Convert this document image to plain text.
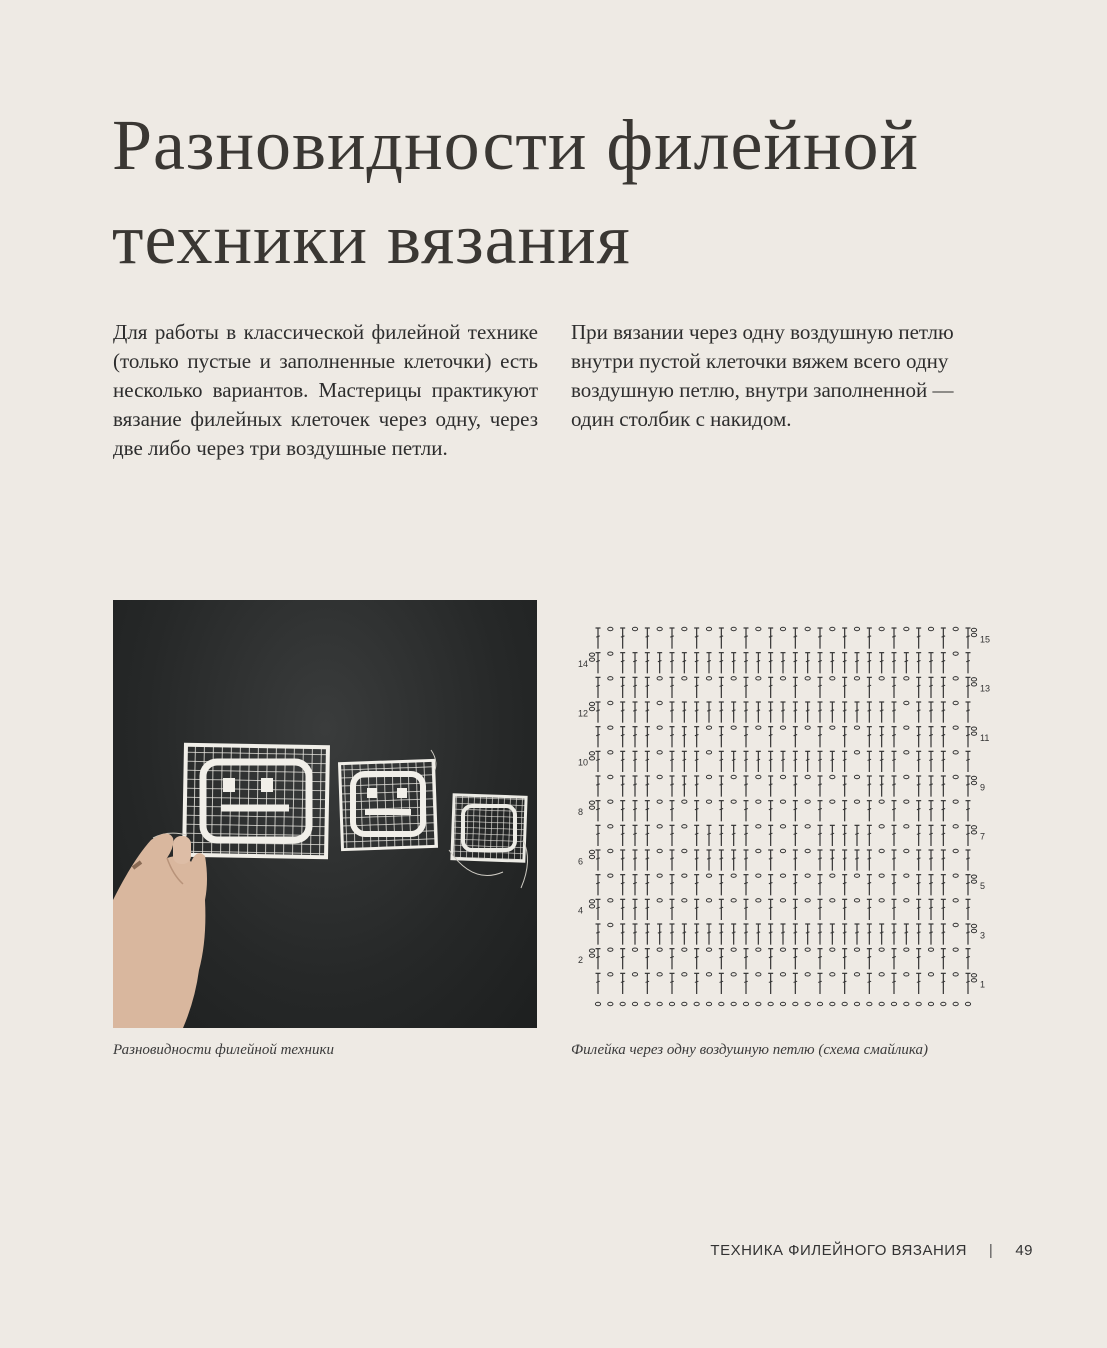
Разновидности филейной
техники вязания
Для работы в классической филейной технике (только пустые и заполненные клеточки) есть несколько вариантов. Мастерицы практикуют вязание филейных клеточек через одну, через две либо через три воздушные петли.
При вязании через одну воздушную петлю внутри пустой клеточки вяжем всего одну воздушную петлю, внутри заполненной — один столбик с накидом.
Разновидности филейной техники
1
3
5
7
9
11
13
15
2
4
6
8
10
12
14
Филейка через одну воздушную петлю (схема смайлика)
ТЕХНИКА ФИЛЕЙНОГО ВЯЗАНИЯ | 49
